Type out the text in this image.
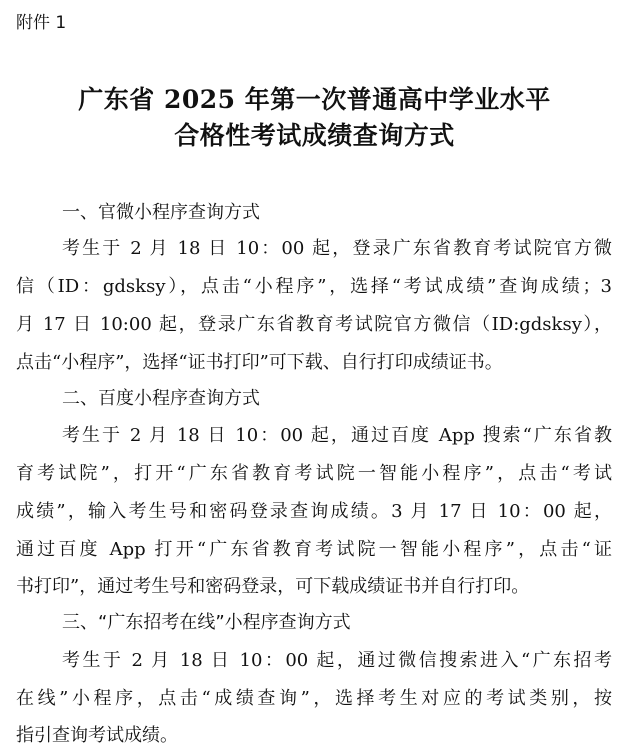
附件 1
广东省 2025 年第一次普通高中学业水平
合格性考试成绩查询方式
一、官微小程序查询方式
考生于 2 月 18 日 10：00 起，登录广东省教育考试院官方微
信（ID：gdsksy），点击“小程序”，选择“考试成绩”查询成绩；3
月 17 日 10:00 起，登录广东省教育考试院官方微信（ID:gdsksy），
点击“小程序”，选择“证书打印”可下载、自行打印成绩证书。
二、百度小程序查询方式
考生于 2 月 18 日 10：00 起，通过百度 App 搜索“广东省教
育考试院”，打开“广东省教育考试院一智能小程序”，点击“考试
成绩”，输入考生号和密码登录查询成绩。3 月 17 日 10：00 起，
通过百度 App 打开“广东省教育考试院一智能小程序”，点击“证
书打印”，通过考生号和密码登录，可下载成绩证书并自行打印。
三、“广东招考在线”小程序查询方式
考生于 2 月 18 日 10：00 起，通过微信搜索进入“广东招考
在线”小程序，点击“成绩查询”，选择考生对应的考试类别，按
指引查询考试成绩。
